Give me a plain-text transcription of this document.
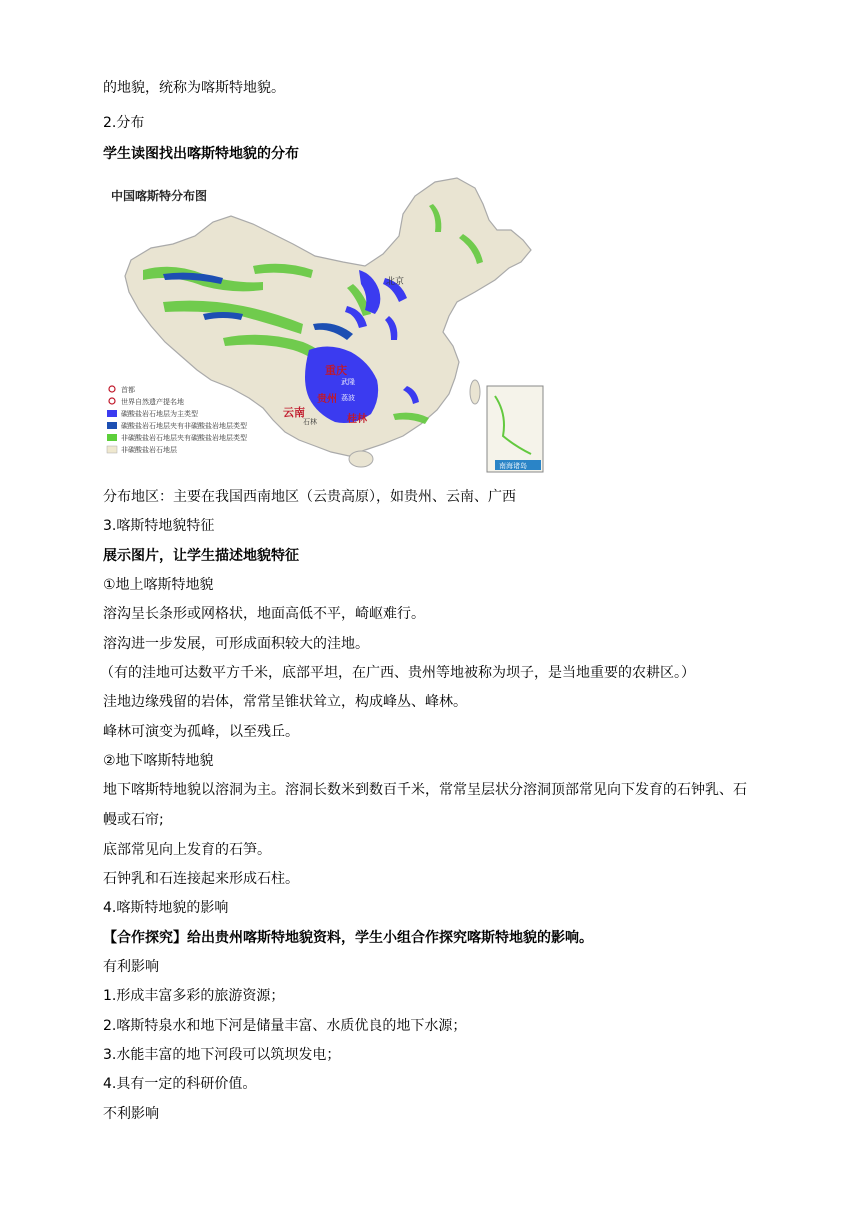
的地貌，统称为喀斯特地貌。
2.分布
学生读图找出喀斯特地貌的分布
中国喀斯特分布图
北京
重庆
武隆
云南
贵州 荔波
桂林
石林
南海诸岛
首都
世界自然遗产提名地
碳酸盐岩石地层为主类型
碳酸盐岩石地层夹有非碳酸盐岩地层类型
非碳酸盐岩石地层夹有碳酸盐岩地层类型
非碳酸盐岩石地层
分布地区：主要在我国西南地区（云贵高原），如贵州、云南、广西
3.喀斯特地貌特征
展示图片，让学生描述地貌特征
①地上喀斯特地貌
溶沟呈长条形或网格状，地面高低不平，崎岖难行。
溶沟进一步发展，可形成面积较大的洼地。
（有的洼地可达数平方千米，底部平坦，在广西、贵州等地被称为坝子，是当地重要的农耕区。）
洼地边缘残留的岩体，常常呈锥状耸立，构成峰丛、峰林。
峰林可演变为孤峰，以至残丘。
②地下喀斯特地貌
地下喀斯特地貌以溶洞为主。溶洞长数米到数百千米，常常呈层状分溶洞顶部常见向下发育的石钟乳、石幔或石帘;
底部常见向上发育的石笋。
石钟乳和石连接起来形成石柱。
4.喀斯特地貌的影响
【合作探究】给出贵州喀斯特地貌资料，学生小组合作探究喀斯特地貌的影响。
有利影响
1.形成丰富多彩的旅游资源；
2.喀斯特泉水和地下河是储量丰富、水质优良的地下水源；
3.水能丰富的地下河段可以筑坝发电；
4.具有一定的科研价值。
不利影响
